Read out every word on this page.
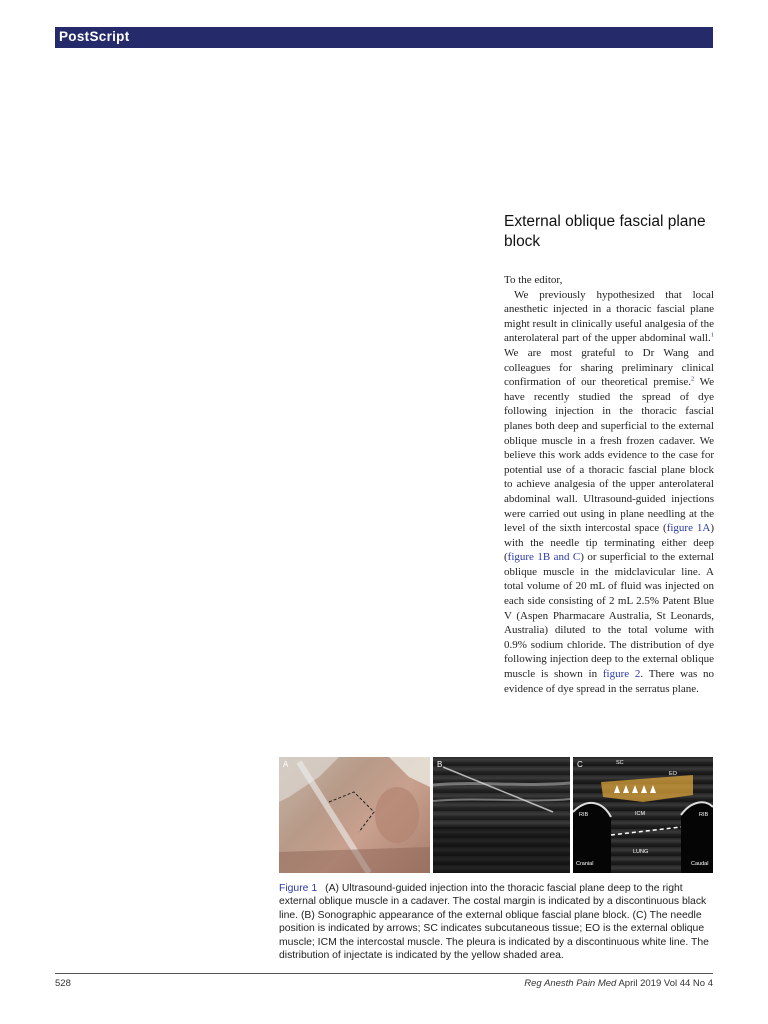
PostScript
External oblique fascial plane block

To the editor,

We previously hypothesized that local anesthetic injected in a thoracic fascial plane might result in clinically useful analgesia of the anterolateral part of the upper abdominal wall.$^1$ We are most grateful to Dr Wang and colleagues for sharing preliminary clinical confirmation of our theoretical premise.$^2$ We have recently studied the spread of dye following injection in the thoracic fascial planes both deep and superficial to the external oblique muscle in a fresh frozen cadaver. We believe this work adds evidence to the case for potential use of a thoracic fascial plane block to achieve analgesia of the upper anterolateral abdominal wall. Ultrasound-guided injections were carried out using in plane needling at the level of the sixth intercostal space (figure 1A) with the needle tip terminating either deep (figure 1B and C) or superficial to the external oblique muscle in the midclavicular line. A total volume of 20 mL of fluid was injected on each side consisting of 2 mL 2.5% Patent Blue V (Aspen Pharmacare Australia, St Leonards, Australia) diluted to the total volume with 0.9% sodium chloride. The distribution of dye following injection deep to the external oblique muscle is shown in figure 2. There was no evidence of dye spread in the serratus plane.

A	B	C	SC
EO
RIB	RIB
ICM
LUNG
Cranial	Caudal
Figure 1 (A) Ultrasound-guided injection into the thoracic fascial plane deep to the right external oblique muscle in a cadaver. The costal margin is indicated by a discontinuous black line. (B) Sonographic appearance of the external oblique fascial plane block. (C) The needle position is indicated by arrows; SC indicates subcutaneous tissue; EO is the external oblique muscle; ICM the intercostal muscle. The pleura is indicated by a discontinuous white line. The distribution of injectate is indicated by the yellow shaded area.
528	Reg Anesth Pain Med April 2019 Vol 44 No 4
